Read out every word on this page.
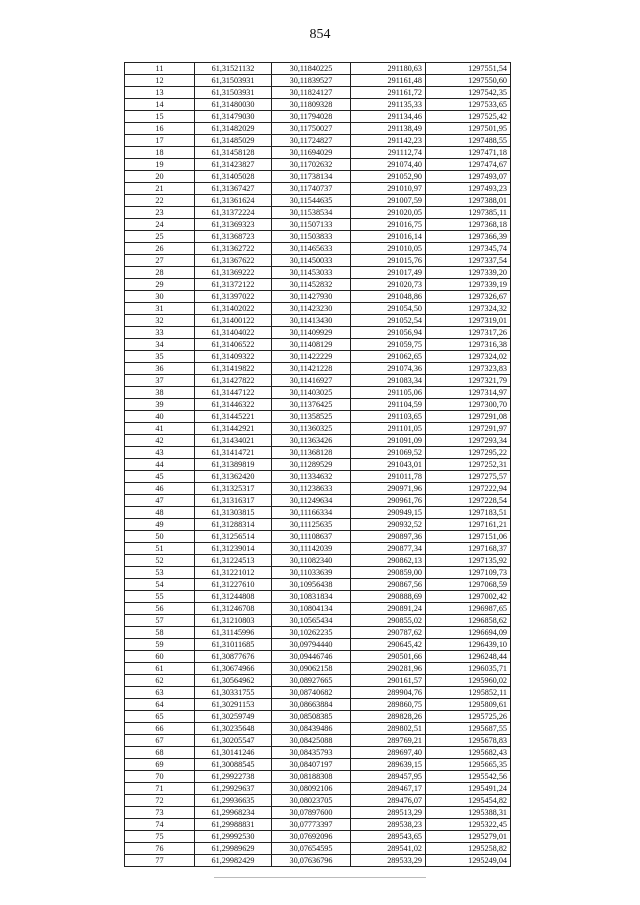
854
11	61,31521132	30,11840225	291180,63	1297551,54
12	61,31503931	30,11839527	291161,48	1297550,60
13	61,31503931	30,11824127	291161,72	1297542,35
14	61,31480030	30,11809328	291135,33	1297533,65
15	61,31479030	30,11794028	291134,46	1297525,42
16	61,31482029	30,11750027	291138,49	1297501,95
17	61,31485029	30,11724827	291142,23	1297488,55
18	61,31458128	30,11694029	291112,74	1297471,18
19	61,31423827	30,11702632	291074,40	1297474,67
20	61,31405028	30,11738134	291052,90	1297493,07
21	61,31367427	30,11740737	291010,97	1297493,23
22	61,31361624	30,11544635	291007,59	1297388,01
23	61,31372224	30,11538534	291020,05	1297385,11
24	61,31369323	30,11507133	291016,75	1297368,18
25	61,31368723	30,11503833	291016,14	1297366,39
26	61,31362722	30,11465633	291010,05	1297345,74
27	61,31367622	30,11450033	291015,76	1297337,54
28	61,31369222	30,11453033	291017,49	1297339,20
29	61,31372122	30,11452832	291020,73	1297339,19
30	61,31397022	30,11427930	291048,86	1297326,67
31	61,31402022	30,11423230	291054,50	1297324,32
32	61,31400122	30,11413430	291052,54	1297319,01
33	61,31404022	30,11409929	291056,94	1297317,26
34	61,31406522	30,11408129	291059,75	1297316,38
35	61,31409322	30,11422229	291062,65	1297324,02
36	61,31419822	30,11421228	291074,36	1297323,83
37	61,31427822	30,11416927	291083,34	1297321,79
38	61,31447122	30,11403025	291105,06	1297314,97
39	61,31446322	30,11376425	291104,59	1297300,70
40	61,31445221	30,11358525	291103,65	1297291,08
41	61,31442921	30,11360325	291101,05	1297291,97
42	61,31434021	30,11363426	291091,09	1297293,34
43	61,31414721	30,11368128	291069,52	1297295,22
44	61,31389819	30,11289529	291043,01	1297252,31
45	61,31362420	30,11334632	291011,78	1297275,57
46	61,31325317	30,11238633	290971,96	1297222,94
47	61,31316317	30,11249634	290961,76	1297228,54
48	61,31303815	30,11166334	290949,15	1297183,51
49	61,31288314	30,11125635	290932,52	1297161,21
50	61,31256514	30,11108637	290897,36	1297151,06
51	61,31239014	30,11142039	290877,34	1297168,37
52	61,31224513	30,11082340	290862,13	1297135,92
53	61,31221012	30,11033639	290859,00	1297109,73
54	61,31227610	30,10956438	290867,56	1297068,59
55	61,31244808	30,10831834	290888,69	1297002,42
56	61,31246708	30,10804134	290891,24	1296987,65
57	61,31210803	30,10565434	290855,02	1296858,62
58	61,31145996	30,10262235	290787,62	1296694,09
59	61,31011685	30,09794440	290645,42	1296439,10
60	61,30877676	30,09446746	290501,66	1296248,44
61	61,30674966	30,09062158	290281,96	1296035,71
62	61,30564962	30,08927665	290161,57	1295960,02
63	61,30331755	30,08740682	289904,76	1295852,11
64	61,30291153	30,08663884	289860,75	1295809,61
65	61,30259749	30,08508385	289828,26	1295725,26
66	61,30235648	30,08439486	289802,51	1295687,55
67	61,30205547	30,08425088	289769,21	1295678,83
68	61,30141246	30,08435793	289697,40	1295682,43
69	61,30088545	30,08407197	289639,15	1295665,35
70	61,29922738	30,08188308	289457,95	1295542,56
71	61,29929637	30,08092106	289467,17	1295491,24
72	61,29936635	30,08023705	289476,07	1295454,82
73	61,29968234	30,07897600	289513,29	1295388,31
74	61,29988831	30,07773397	289538,23	1295322,45
75	61,29992530	30,07692096	289543,65	1295279,01
76	61,29989629	30,07654595	289541,02	1295258,82
77	61,29982429	30,07636796	289533,29	1295249,04
